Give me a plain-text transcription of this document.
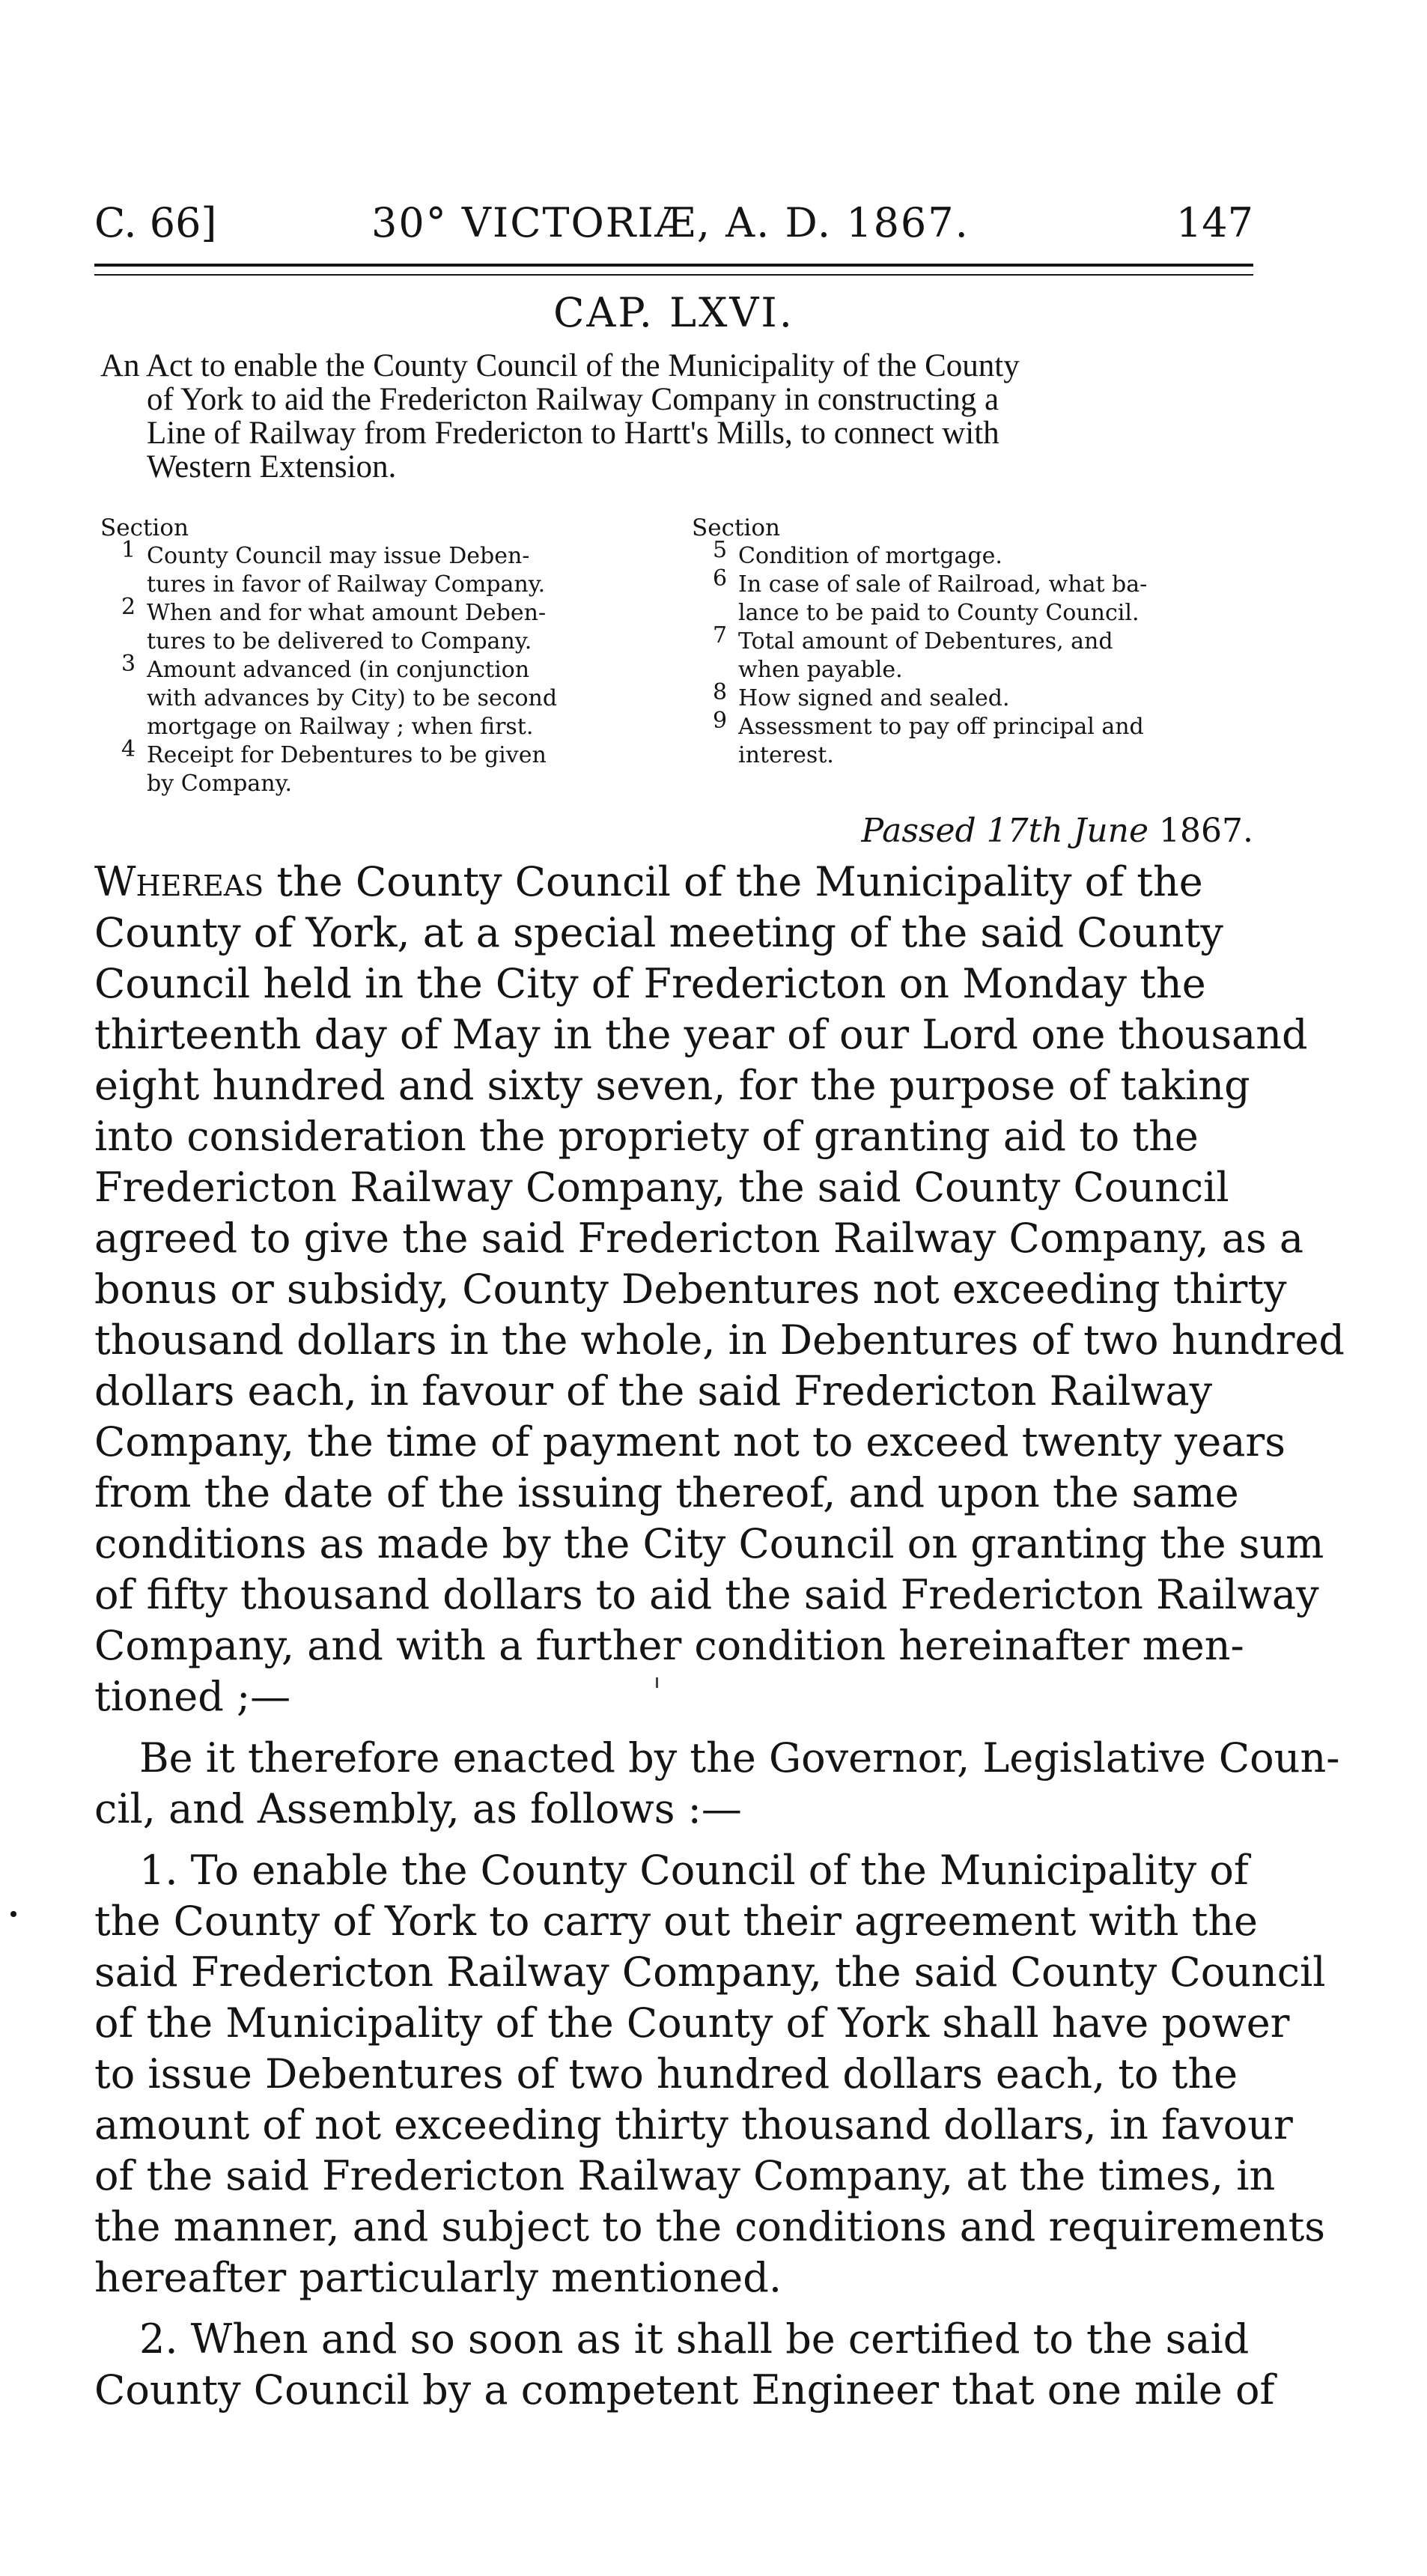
C. 66]	30° VICTORIÆ, A. D. 1867.	147
CAP. LXVI.
An Act to enable the County Council of the Municipality of the County
of York to aid the Fredericton Railway Company in constructing a
Line of Railway from Fredericton to Hartt's Mills, to connect with
Western Extension.
Section
1 County Council may issue Deben-
tures in favor of Railway Company.
2 When and for what amount Deben-
tures to be delivered to Company.
3 Amount advanced (in conjunction
with advances by City) to be second
mortgage on Railway ; when first.
4 Receipt for Debentures to be given
by Company.
Section
5 Condition of mortgage.
6 In case of sale of Railroad, what ba-
lance to be paid to County Council.
7 Total amount of Debentures, and
when payable.
8 How signed and sealed.
9 Assessment to pay off principal and
interest.
Passed 17th June 1867.
Whereas the County Council of the Municipality of the
County of York, at a special meeting of the said County
Council held in the City of Fredericton on Monday the
thirteenth day of May in the year of our Lord one thousand
eight hundred and sixty seven, for the purpose of taking
into consideration the propriety of granting aid to the
Fredericton Railway Company, the said County Council
agreed to give the said Fredericton Railway Company, as a
bonus or subsidy, County Debentures not exceeding thirty
thousand dollars in the whole, in Debentures of two hundred
dollars each, in favour of the said Fredericton Railway
Company, the time of payment not to exceed twenty years
from the date of the issuing thereof, and upon the same
conditions as made by the City Council on granting the sum
of fifty thousand dollars to aid the said Fredericton Railway
Company, and with a further condition hereinafter men-
tioned ;—
Be it therefore enacted by the Governor, Legislative Coun-
cil, and Assembly, as follows :—
1. To enable the County Council of the Municipality of
the County of York to carry out their agreement with the
said Fredericton Railway Company, the said County Council
of the Municipality of the County of York shall have power
to issue Debentures of two hundred dollars each, to the
amount of not exceeding thirty thousand dollars, in favour
of the said Fredericton Railway Company, at the times, in
the manner, and subject to the conditions and requirements
hereafter particularly mentioned.
2. When and so soon as it shall be certified to the said
County Council by a competent Engineer that one mile of
